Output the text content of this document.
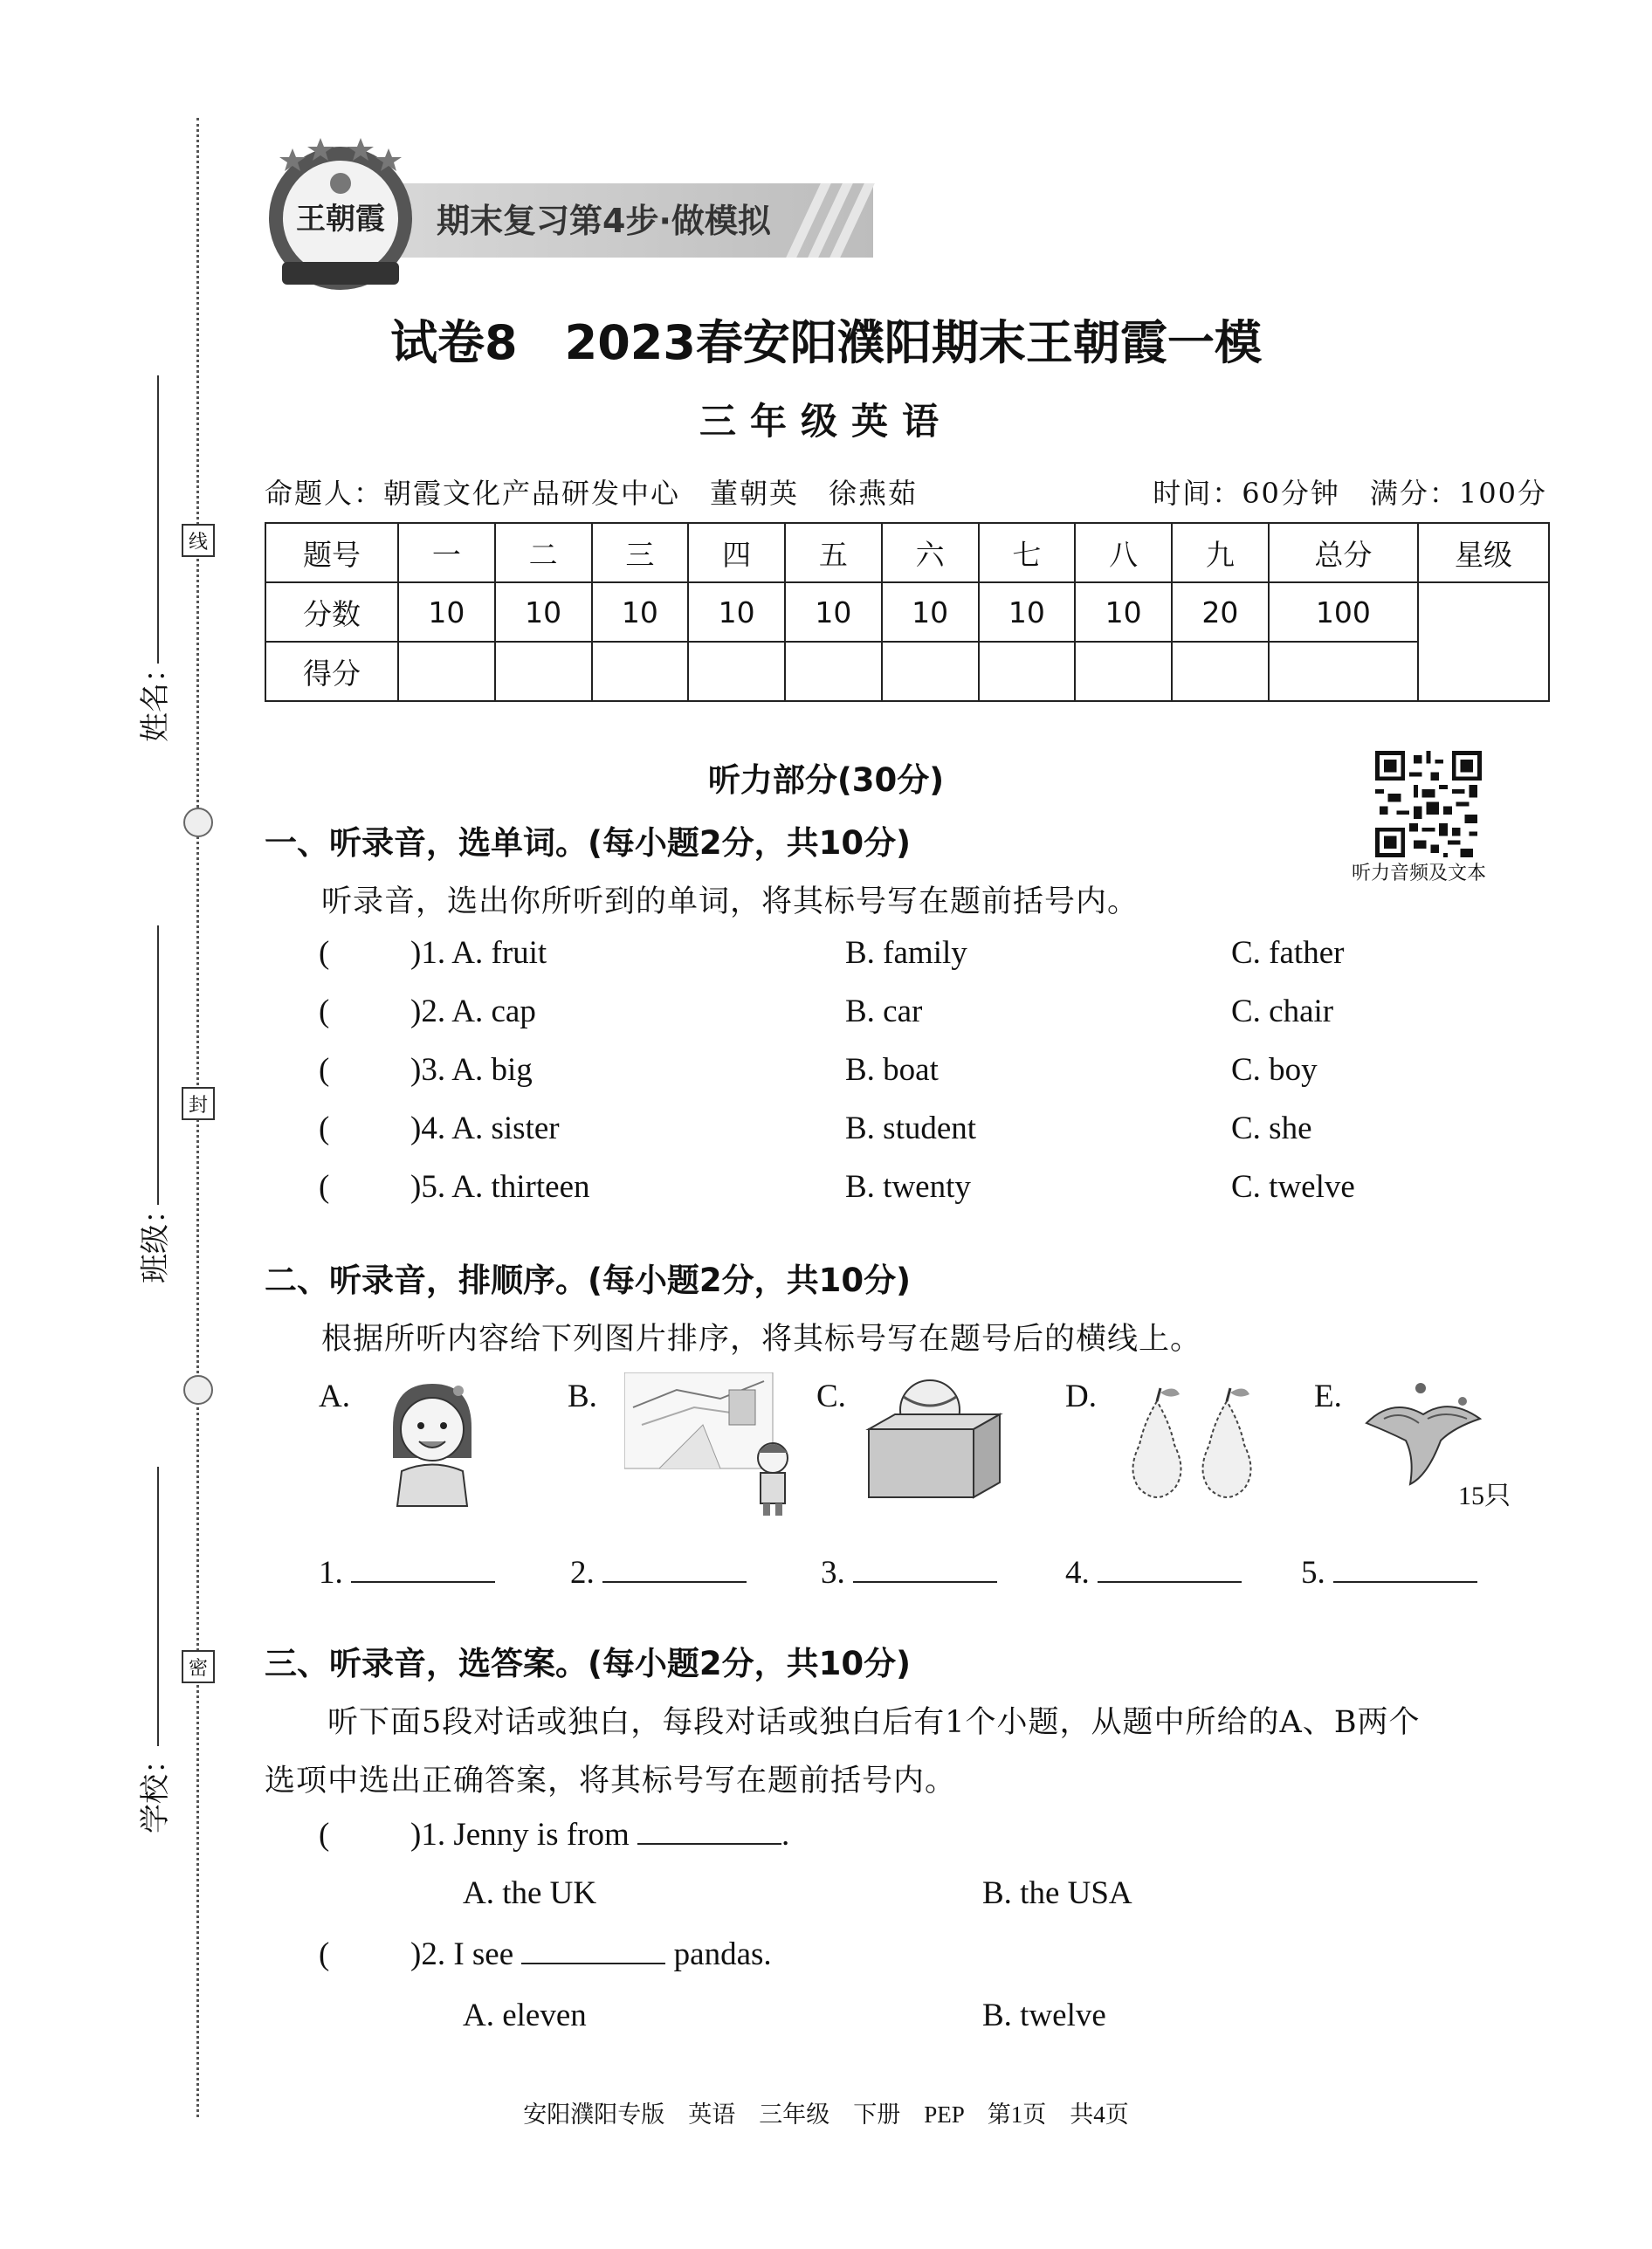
姓名：
班级：
学校：
线
封
密
期末复习第4步·做模拟
王朝霞
试卷8　2023春安阳濮阳期末王朝霞一模
三年级英语
命题人：朝霞文化产品研发中心　董朝英　徐燕茹	时间：60分钟　满分：100分
题号	一	二	三	四	五	六	七	八	九	总分	星级
分数	10	10	10	10	10	10	10	10	20	100	
得分											
听力部分(30分)
听力音频及文本
一、听录音，选单词。(每小题2分，共10分)
听录音，选出你所听到的单词，将其标号写在题前括号内。
(	)1. A. fruit	B. family	C. father
(	)2. A. cap	B. car	C. chair
(	)3. A. big	B. boat	C. boy
(	)4. A. sister	B. student	C. she
(	)5. A. thirteen	B. twenty	C. twelve
二、听录音，排顺序。(每小题2分，共10分)
根据所听内容给下列图片排序，将其标号写在题号后的横线上。
A.	B.	C.	D.	E.
15只
1.	2.	3.	4.	5.
三、听录音，选答案。(每小题2分，共10分)
听下面5段对话或独白，每段对话或独白后有1个小题，从题中所给的A、B两个
选项中选出正确答案，将其标号写在题前括号内。
(	)1. Jenny is from	.
A. the UK	B. the USA
(	)2. I see	pandas.
A. eleven	B. twelve
安阳濮阳专版　英语　三年级　下册　PEP　第1页　共4页
